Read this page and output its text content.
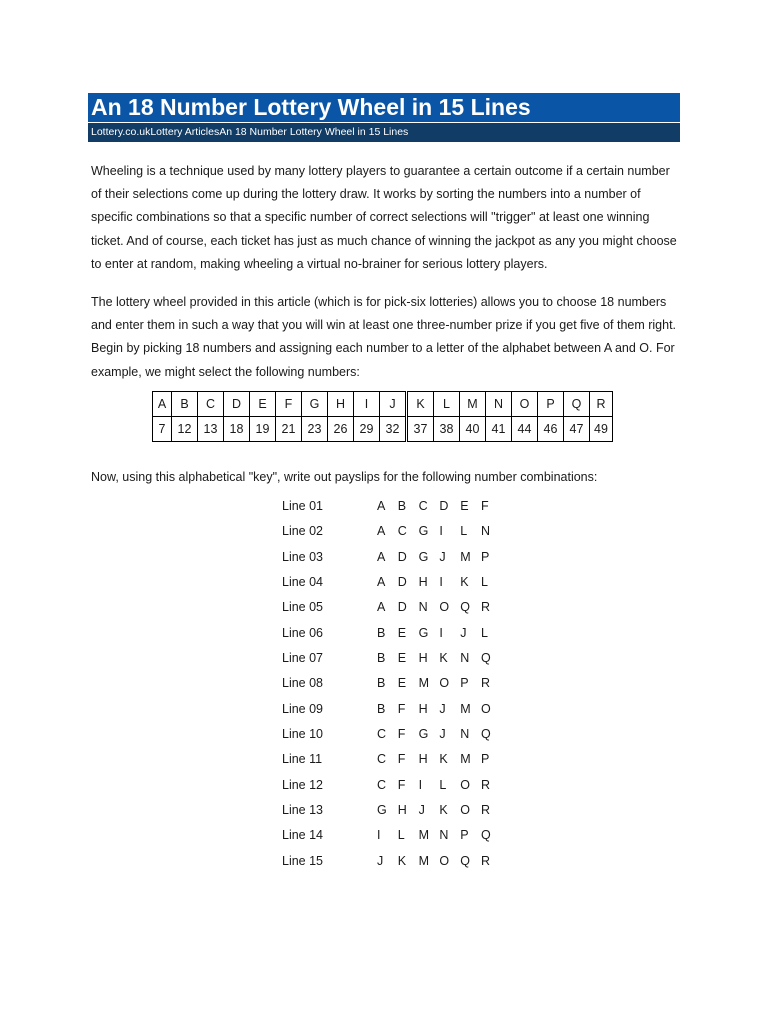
An 18 Number Lottery Wheel in 15 Lines
Lottery.co.ukLottery ArticlesAn 18 Number Lottery Wheel in 15 Lines

Wheeling is a technique used by many lottery players to guarantee a certain outcome if a certain number of their selections come up during the lottery draw. It works by sorting the numbers into a number of specific combinations so that a specific number of correct selections will "trigger" at least one winning ticket. And of course, each ticket has just as much chance of winning the jackpot as any you might choose to enter at random, making wheeling a virtual no-brainer for serious lottery players.

The lottery wheel provided in this article (which is for pick-six lotteries) allows you to choose 18 numbers and enter them in such a way that you will win at least one three-number prize if you get five of them right. Begin by picking 18 numbers and assigning each number to a letter of the alphabet between A and O. For example, we might select the following numbers:

A	B	C	D	E	F	G	H	I	J	K	L	M	N	O	P	Q	R
7	12	13	18	19	21	23	26	29	32	37	38	40	41	44	46	47	49

Now, using this alphabetical "key", write out payslips for the following number combinations:

Line 01	A B C D E F
Line 02	A C G I	L	N
Line 03	A D G J	M P
Line 04	A D H I	K L
Line 05	A D N O Q R
Line 06	B E G I	J	L
Line 07	B E H K N Q
Line 08	B E M O P R
Line 09	B F	H J	M O
Line 10	C F	G J	N Q
Line 11	C F	H K M P
Line 12	C F	I	L	O R
Line 13	G H J	K O R
Line 14	I	L	M N P Q
Line 15	J	K M O Q R
